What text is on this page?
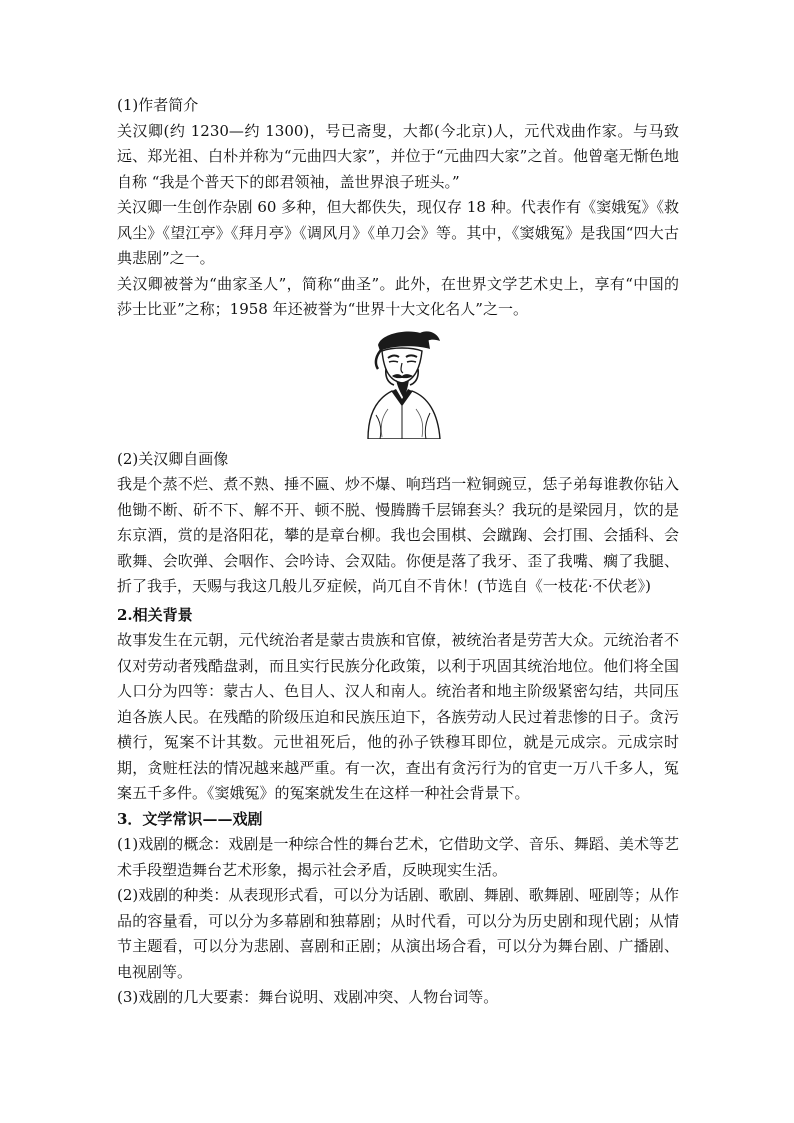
(1)作者简介

关汉卿(约 1230—约 1300)，号已斋叟，大都(今北京)人，元代戏曲作家。与马致远、郑光祖、白朴并称为“元曲四大家”，并位于“元曲四大家”之首。他曾毫无惭色地自称 “我是个普天下的郎君领袖，盖世界浪子班头。”

关汉卿一生创作杂剧 60 多种，但大都佚失，现仅存 18 种。代表作有《窦娥冤》《救风尘》《望江亭》《拜月亭》《调风月》《单刀会》等。其中，《窦娥冤》是我国“四大古典悲剧”之一。

关汉卿被誉为“曲家圣人”，简称“曲圣”。此外，在世界文学艺术史上，享有“中国的莎士比亚”之称；1958 年还被誉为“世界十大文化名人”之一。

(2)关汉卿自画像

我是个蒸不烂、煮不熟、捶不匾、炒不爆、响珰珰一粒铜豌豆，恁子弟每谁教你钻入他锄不断、斫不下、解不开、顿不脱、慢腾腾千层锦套头？我玩的是梁园月，饮的是东京酒，赏的是洛阳花，攀的是章台柳。我也会围棋、会蹴踘、会打围、会插科、会歌舞、会吹弹、会咽作、会吟诗、会双陆。你便是落了我牙、歪了我嘴、瘸了我腿、折了我手，天赐与我这几般儿歹症候，尚兀自不肯休！(节选自《一枝花·不伏老》)

2.相关背景

故事发生在元朝，元代统治者是蒙古贵族和官僚，被统治者是劳苦大众。元统治者不仅对劳动者残酷盘剥，而且实行民族分化政策，以利于巩固其统治地位。他们将全国人口分为四等：蒙古人、色目人、汉人和南人。统治者和地主阶级紧密勾结，共同压迫各族人民。在残酷的阶级压迫和民族压迫下，各族劳动人民过着悲惨的日子。贪污横行，冤案不计其数。元世祖死后，他的孙子铁穆耳即位，就是元成宗。元成宗时期，贪赃枉法的情况越来越严重。有一次，查出有贪污行为的官吏一万八千多人，冤案五千多件。《窦娥冤》的冤案就发生在这样一种社会背景下。

3．文学常识——戏剧

(1)戏剧的概念：戏剧是一种综合性的舞台艺术，它借助文学、音乐、舞蹈、美术等艺术手段塑造舞台艺术形象，揭示社会矛盾，反映现实生活。

(2)戏剧的种类：从表现形式看，可以分为话剧、歌剧、舞剧、歌舞剧、哑剧等；从作品的容量看，可以分为多幕剧和独幕剧；从时代看，可以分为历史剧和现代剧；从情节主题看，可以分为悲剧、喜剧和正剧；从演出场合看，可以分为舞台剧、广播剧、电视剧等。

(3)戏剧的几大要素：舞台说明、戏剧冲突、人物台词等。
